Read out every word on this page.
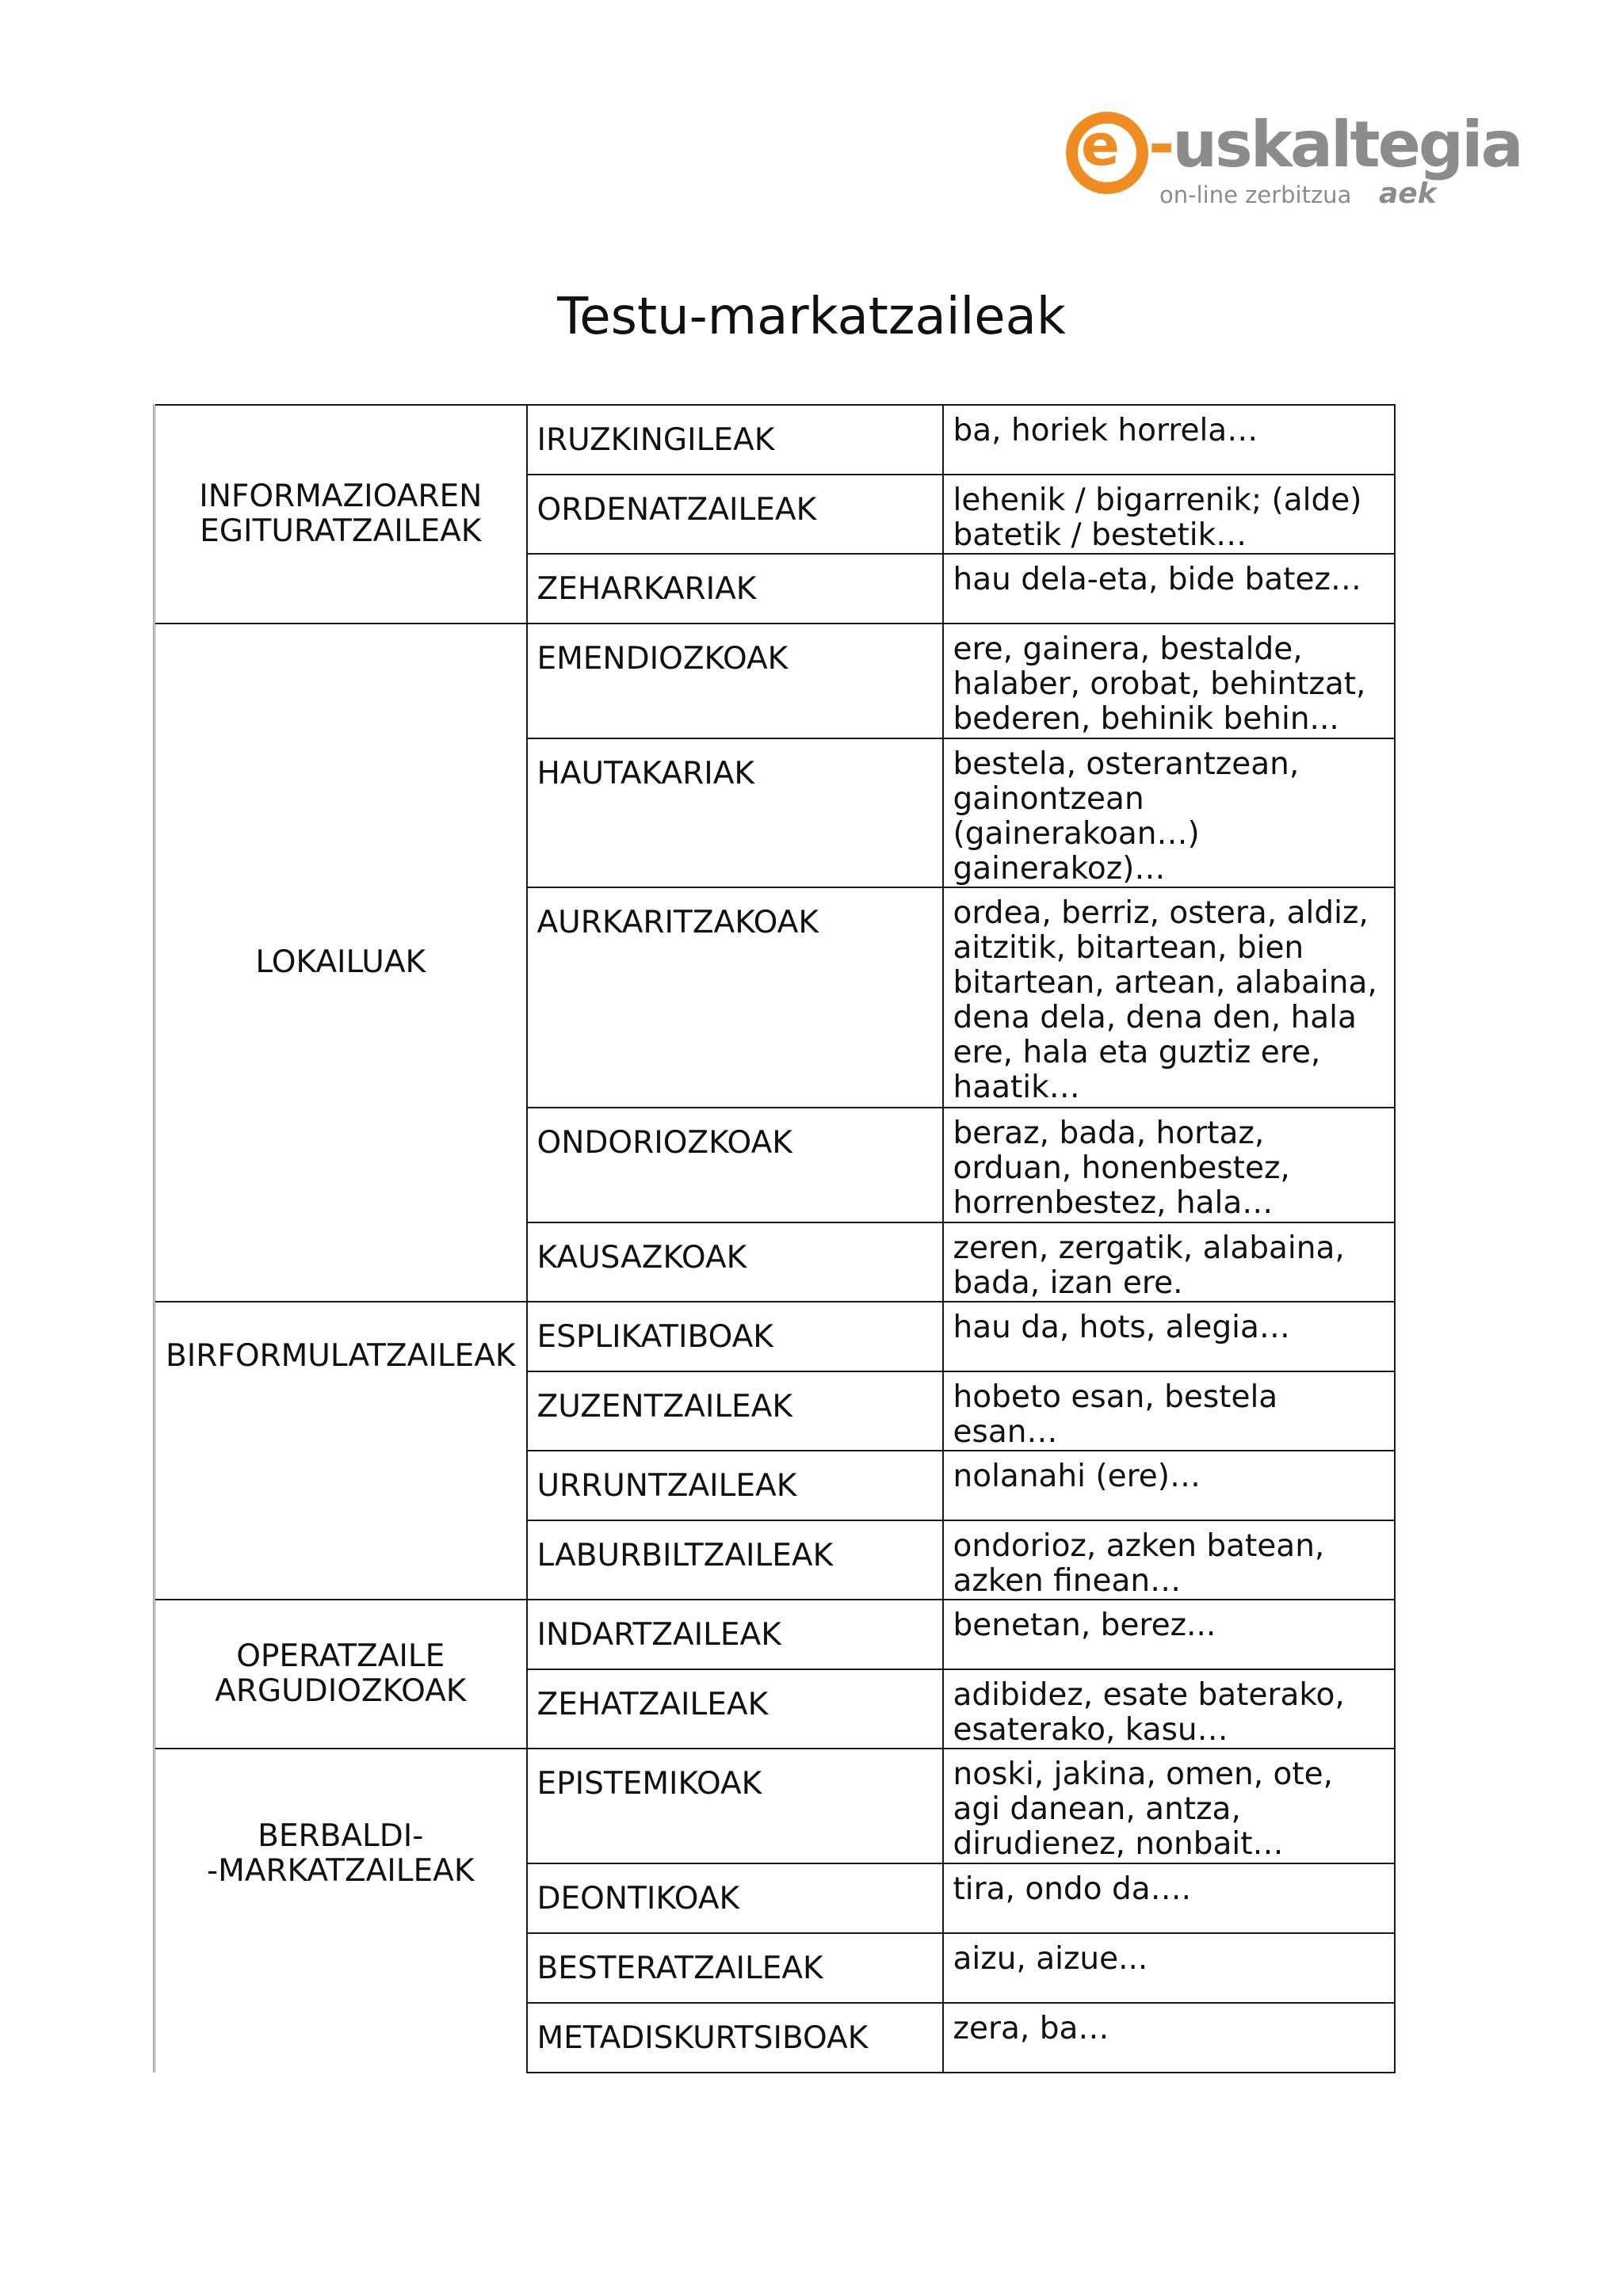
e -uskaltegia
on-line zerbitzua aek
Testu-markatzaileak
INFORMAZIOAREN
EGITURATZAILEAK	IRUZKINGILEAK	ba, horiek horrela…
	ORDENATZAILEAK	lehenik / bigarrenik; (alde) batetik / bestetik…
	ZEHARKARIAK	hau dela-eta, bide batez…
LOKAILUAK	EMENDIOZKOAK	ere, gainera, bestalde, halaber, orobat, behintzat, bederen, behinik behin...
	HAUTAKARIAK	bestela, osterantzean, gainontzean (gainerakoan…) gainerakoz)…
	AURKARITZAKOAK	ordea, berriz, ostera, aldiz, aitzitik, bitartean, bien bitartean, artean, alabaina, dena dela, dena den, hala ere, hala eta guztiz ere, haatik…
	ONDORIOZKOAK	beraz, bada, hortaz, orduan, honenbestez, horrenbestez, hala…
	KAUSAZKOAK	zeren, zergatik, alabaina, bada, izan ere.
BIRFORMULATZAILEAK	ESPLIKATIBOAK	hau da, hots, alegia…
	ZUZENTZAILEAK	hobeto esan, bestela esan…
	URRUNTZAILEAK	nolanahi (ere)…
	LABURBILTZAILEAK	ondorioz, azken batean, azken finean…
OPERATZAILE
ARGUDIOZKOAK	INDARTZAILEAK	benetan, berez...
	ZEHATZAILEAK	adibidez, esate baterako, esaterako, kasu…
BERBALDI-
-MARKATZAILEAK	EPISTEMIKOAK	noski, jakina, omen, ote, agi danean, antza, dirudienez, nonbait…
	DEONTIKOAK	tira, ondo da….
	BESTERATZAILEAK	aizu, aizue...
	METADISKURTSIBOAK	zera, ba…
